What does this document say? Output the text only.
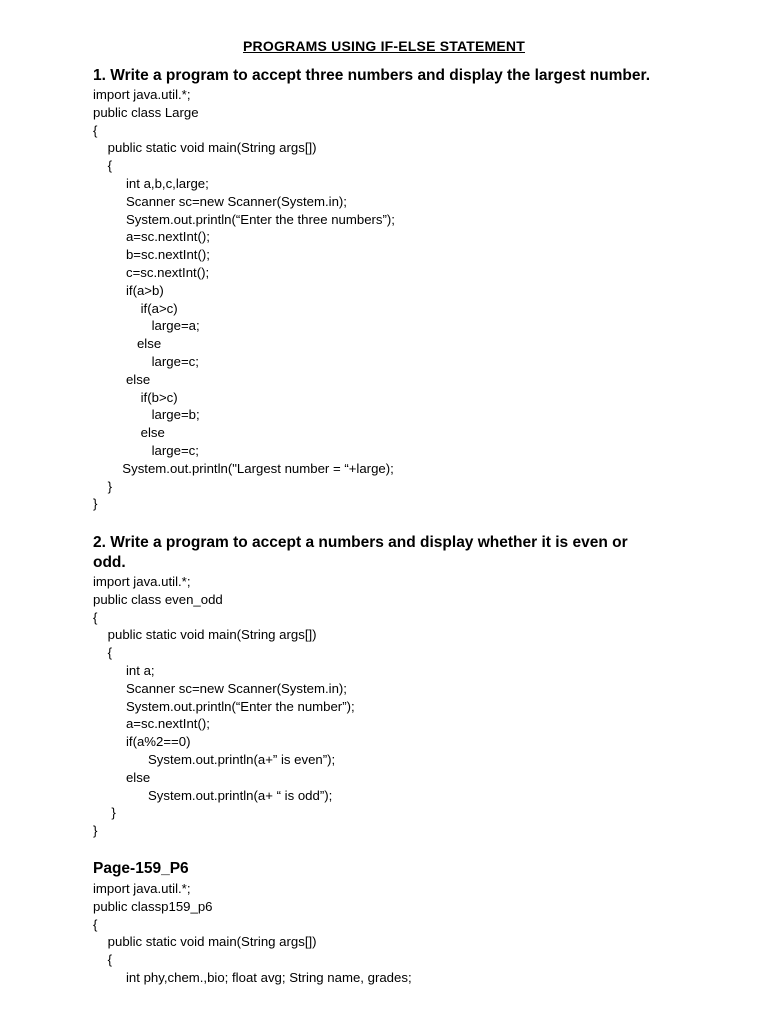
PROGRAMS USING IF-ELSE STATEMENT
1. Write a program to accept three numbers and display the largest number.
import java.util.*;
public class Large
{
public static void main(String args[])
{
int a,b,c,large;
Scanner sc=new Scanner(System.in);
System.out.println(“Enter the three numbers”);
a=sc.nextInt();
b=sc.nextInt();
c=sc.nextInt();
if(a>b)
if(a>c)
large=a;
else
large=c;
else
if(b>c)
large=b;
else
large=c;
System.out.println("Largest number = “+large);
}
}
2. Write a program to accept a numbers and display whether it is even or odd.
import java.util.*;
public class even_odd
{
public static void main(String args[])
{
int a;
Scanner sc=new Scanner(System.in);
System.out.println(“Enter the number”);
a=sc.nextInt();
if(a%2==0)
System.out.println(a+” is even”);
else
System.out.println(a+ “ is odd”);
}
}
Page-159_P6
import java.util.*;
public classp159_p6
{
public static void main(String args[])
{
int phy,chem.,bio; float avg; String name, grades;
